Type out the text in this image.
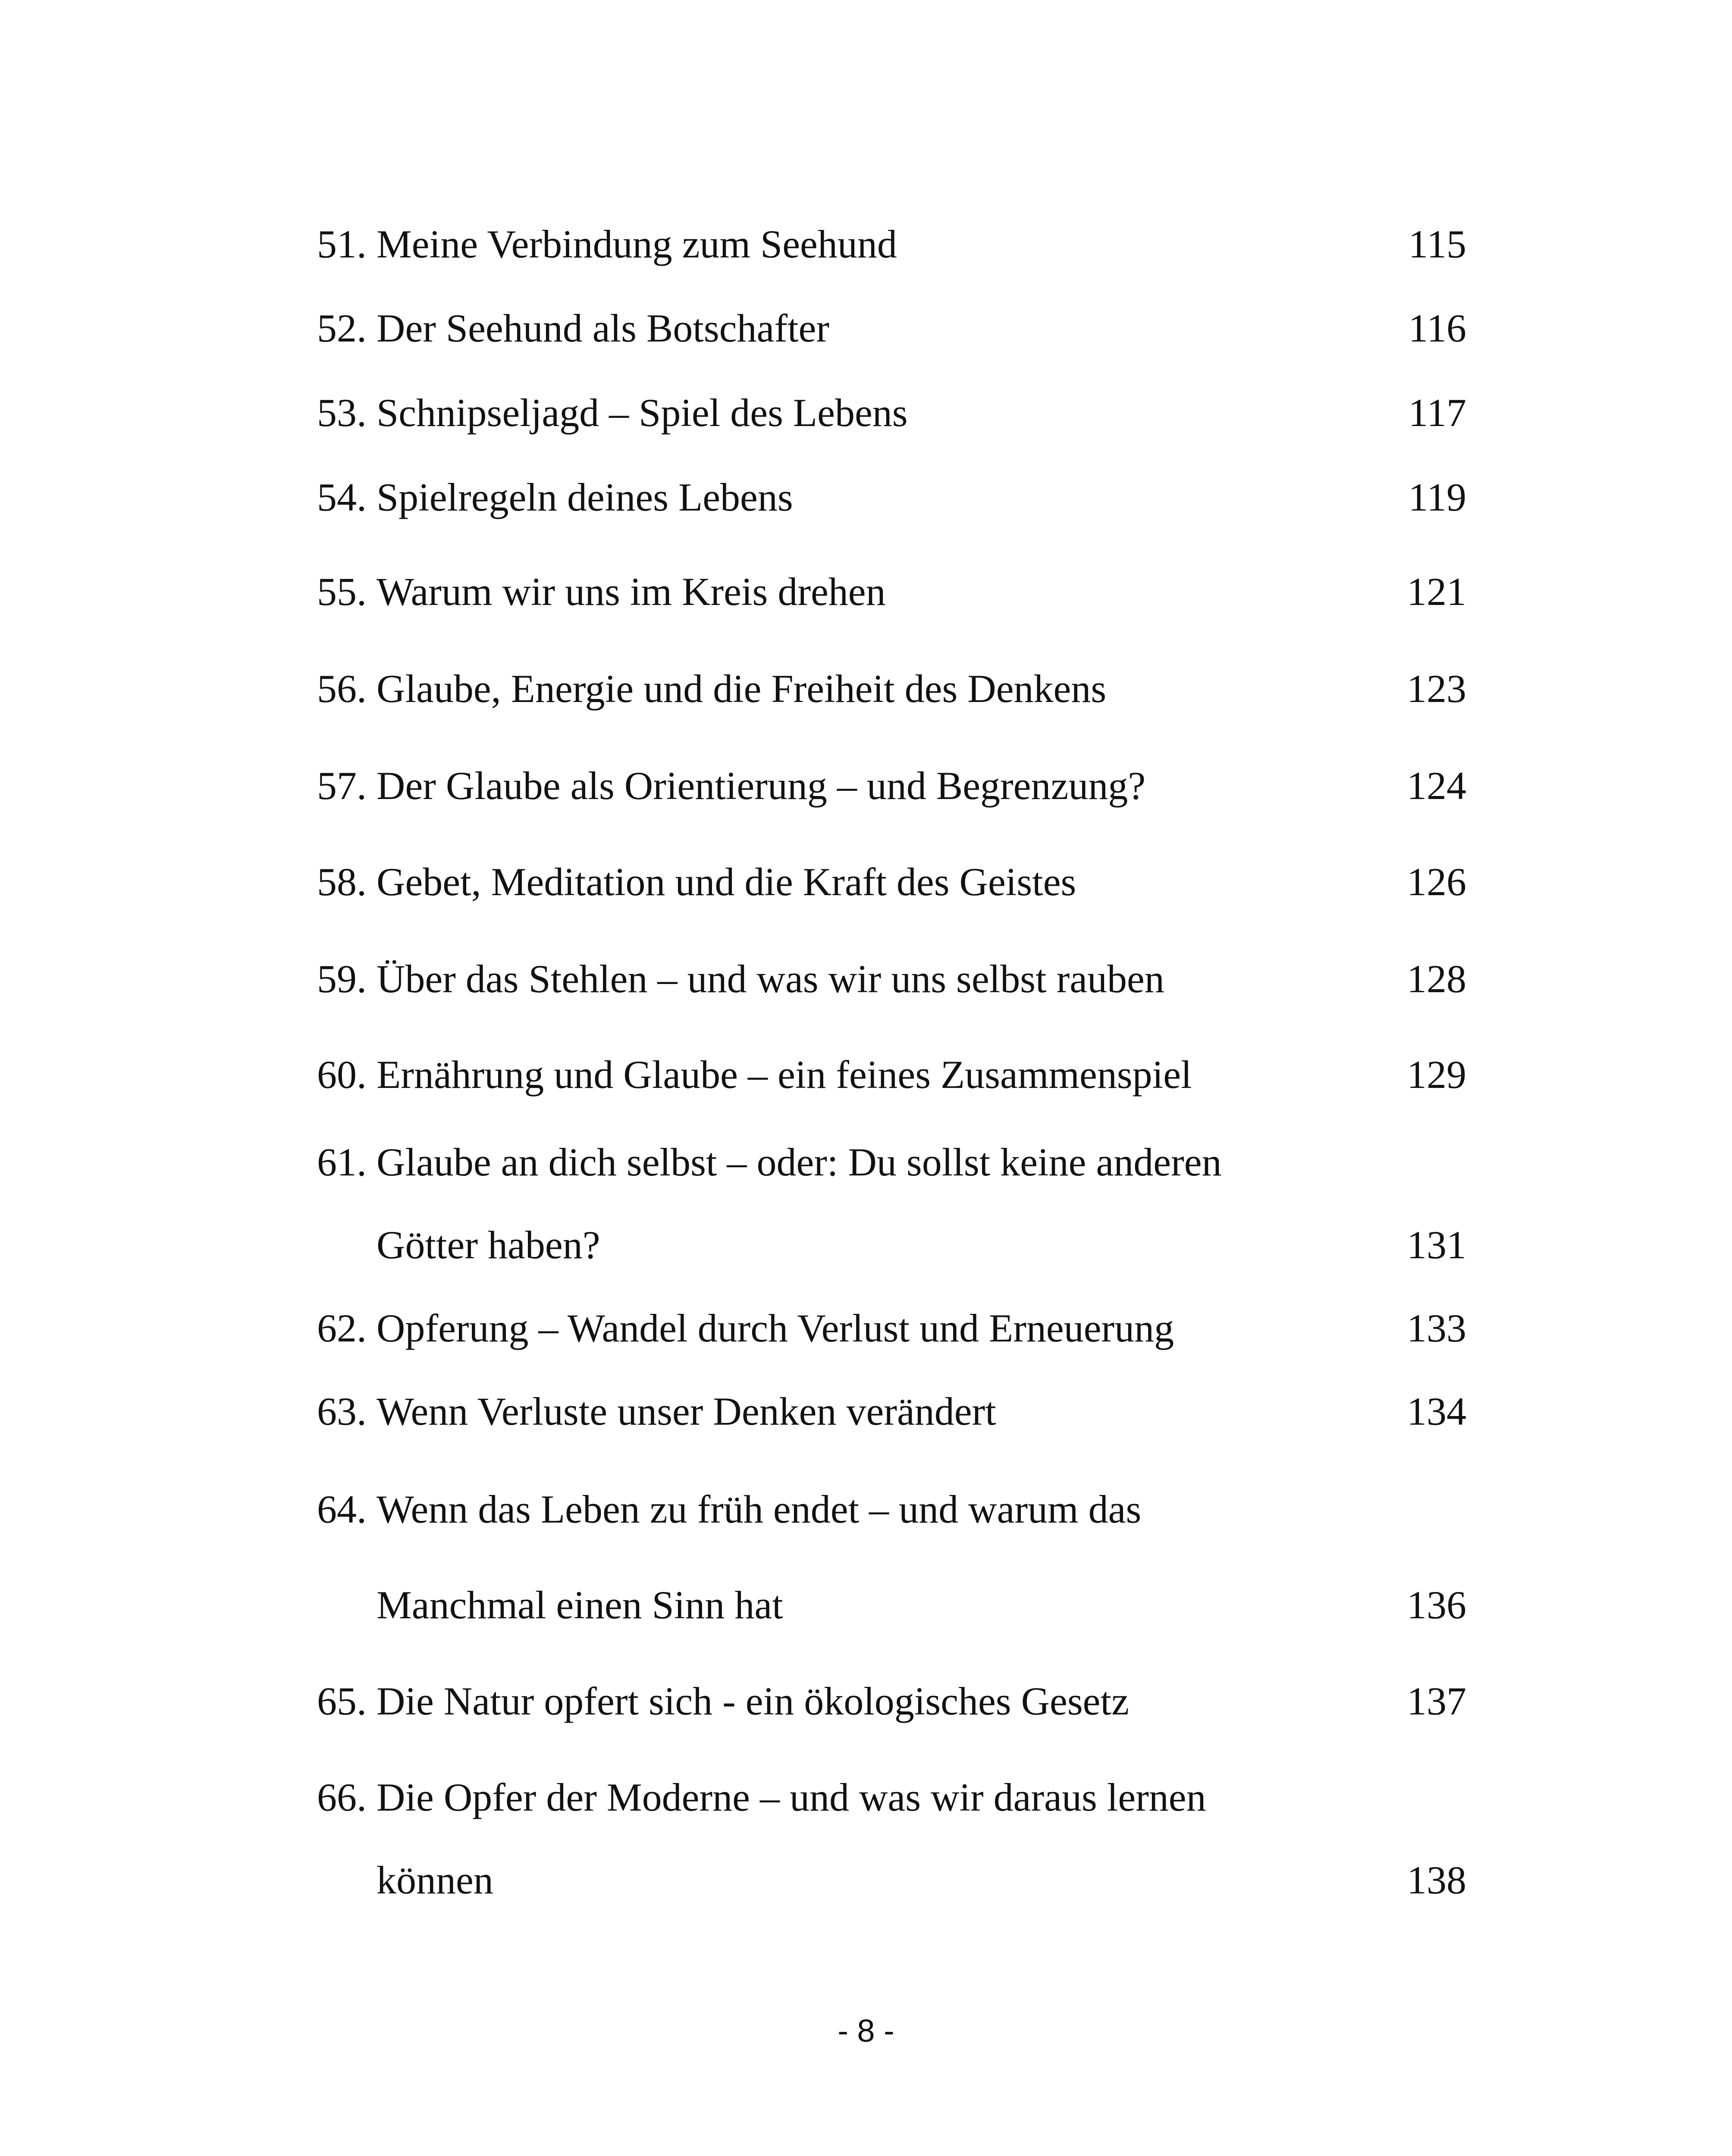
51. Meine Verbindung zum Seehund	115
52. Der Seehund als Botschafter	116
53. Schnipseljagd – Spiel des Lebens	117
54. Spielregeln deines Lebens	119
55. Warum wir uns im Kreis drehen	121
56. Glaube, Energie und die Freiheit des Denkens	123
57. Der Glaube als Orientierung – und Begrenzung?	124
58. Gebet, Meditation und die Kraft des Geistes	126
59. Über das Stehlen – und was wir uns selbst rauben	128
60. Ernährung und Glaube – ein feines Zusammenspiel	129
61. Glaube an dich selbst – oder: Du sollst keine anderen
Götter haben?	131
62. Opferung – Wandel durch Verlust und Erneuerung	133
63. Wenn Verluste unser Denken verändert	134
64. Wenn das Leben zu früh endet – und warum das
Manchmal einen Sinn hat	136
65. Die Natur opfert sich - ein ökologisches Gesetz	137
66. Die Opfer der Moderne – und was wir daraus lernen
können	138
- 8 -
